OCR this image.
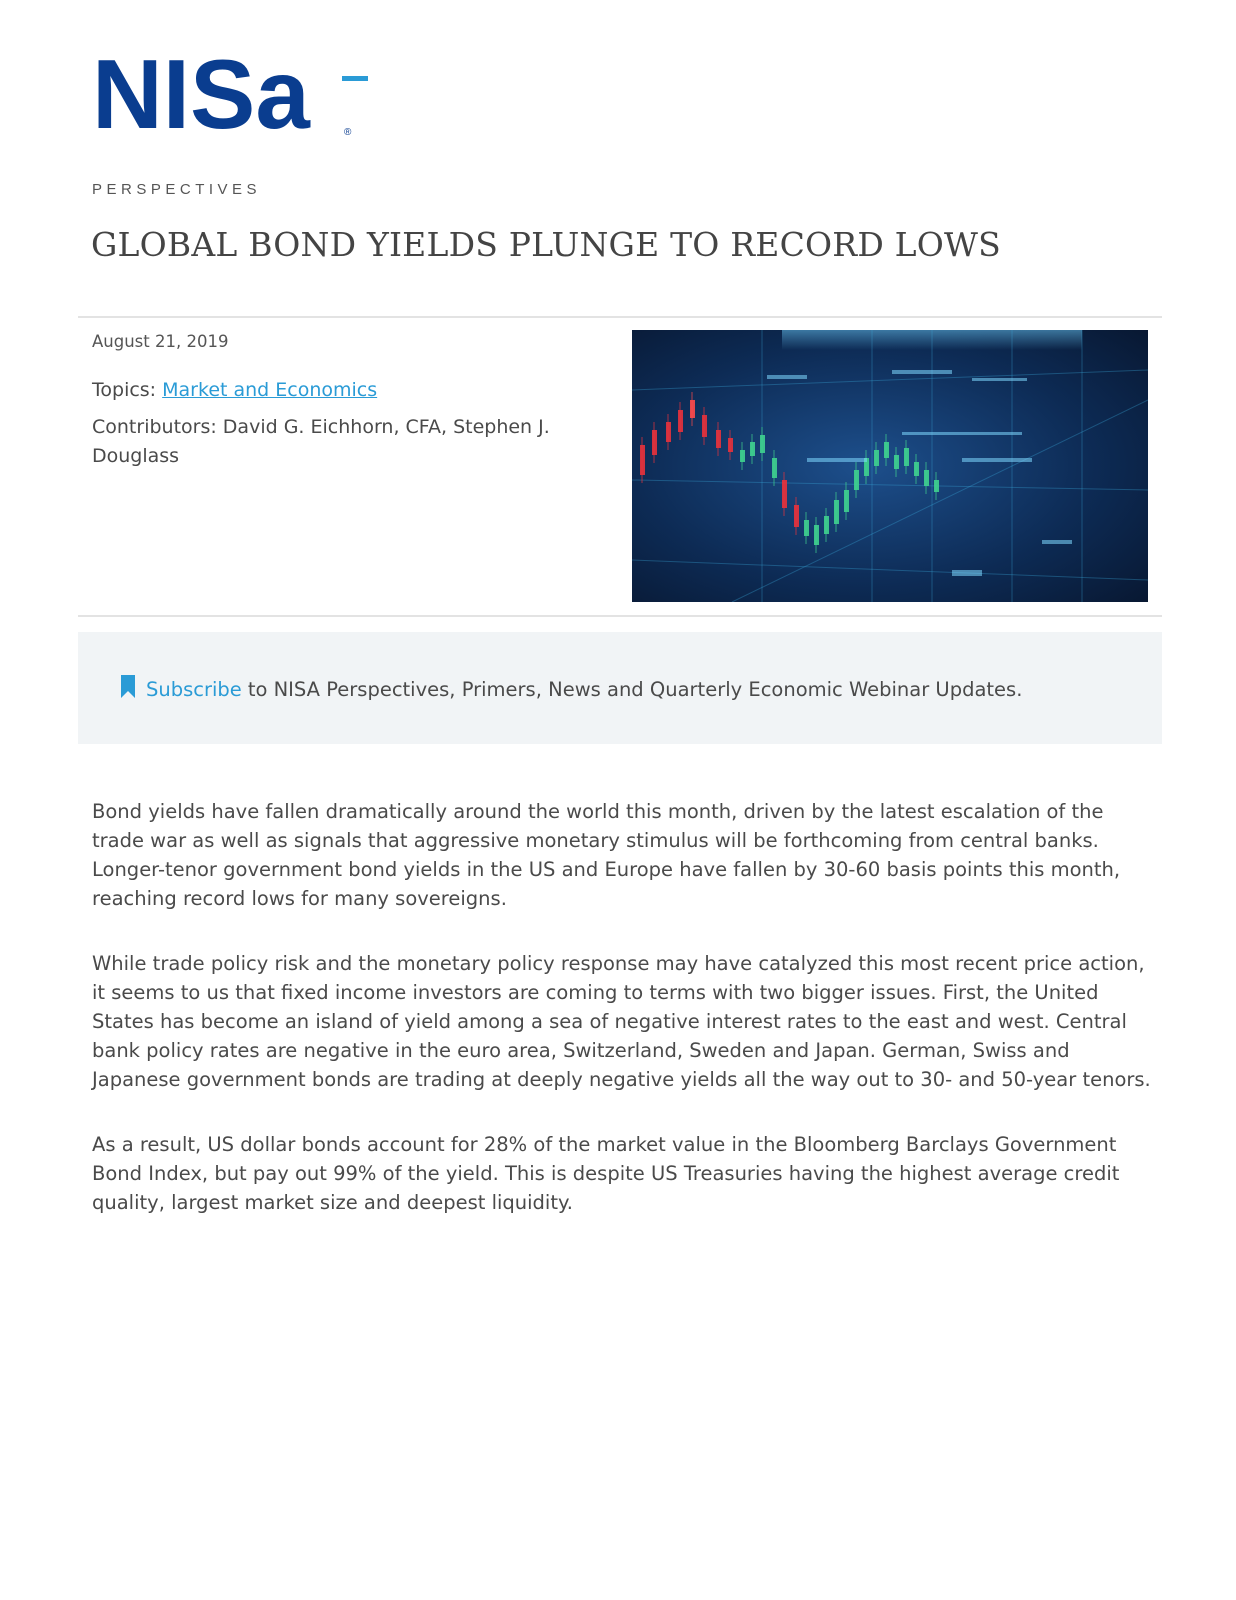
NISa	®
PERSPECTIVES
GLOBAL BOND YIELDS PLUNGE TO RECORD LOWS
August 21, 2019
Topics: Market and Economics
Contributors: David G. Eichhorn, CFA, Stephen J. Douglass
Subscribe to NISA Perspectives, Primers, News and Quarterly Economic Webinar Updates.

Bond yields have fallen dramatically around the world this month, driven by the latest escalation of the trade war as well as signals that aggressive monetary stimulus will be forthcoming from central banks. Longer-tenor government bond yields in the US and Europe have fallen by 30-60 basis points this month, reaching record lows for many sovereigns.

While trade policy risk and the monetary policy response may have catalyzed this most recent price action, it seems to us that fixed income investors are coming to terms with two bigger issues. First, the United States has become an island of yield among a sea of negative interest rates to the east and west. Central bank policy rates are negative in the euro area, Switzerland, Sweden and Japan. German, Swiss and Japanese government bonds are trading at deeply negative yields all the way out to 30- and 50-year tenors.

As a result, US dollar bonds account for 28% of the market value in the Bloomberg Barclays Government Bond Index, but pay out 99% of the yield. This is despite US Treasuries having the highest average credit quality, largest market size and deepest liquidity.
